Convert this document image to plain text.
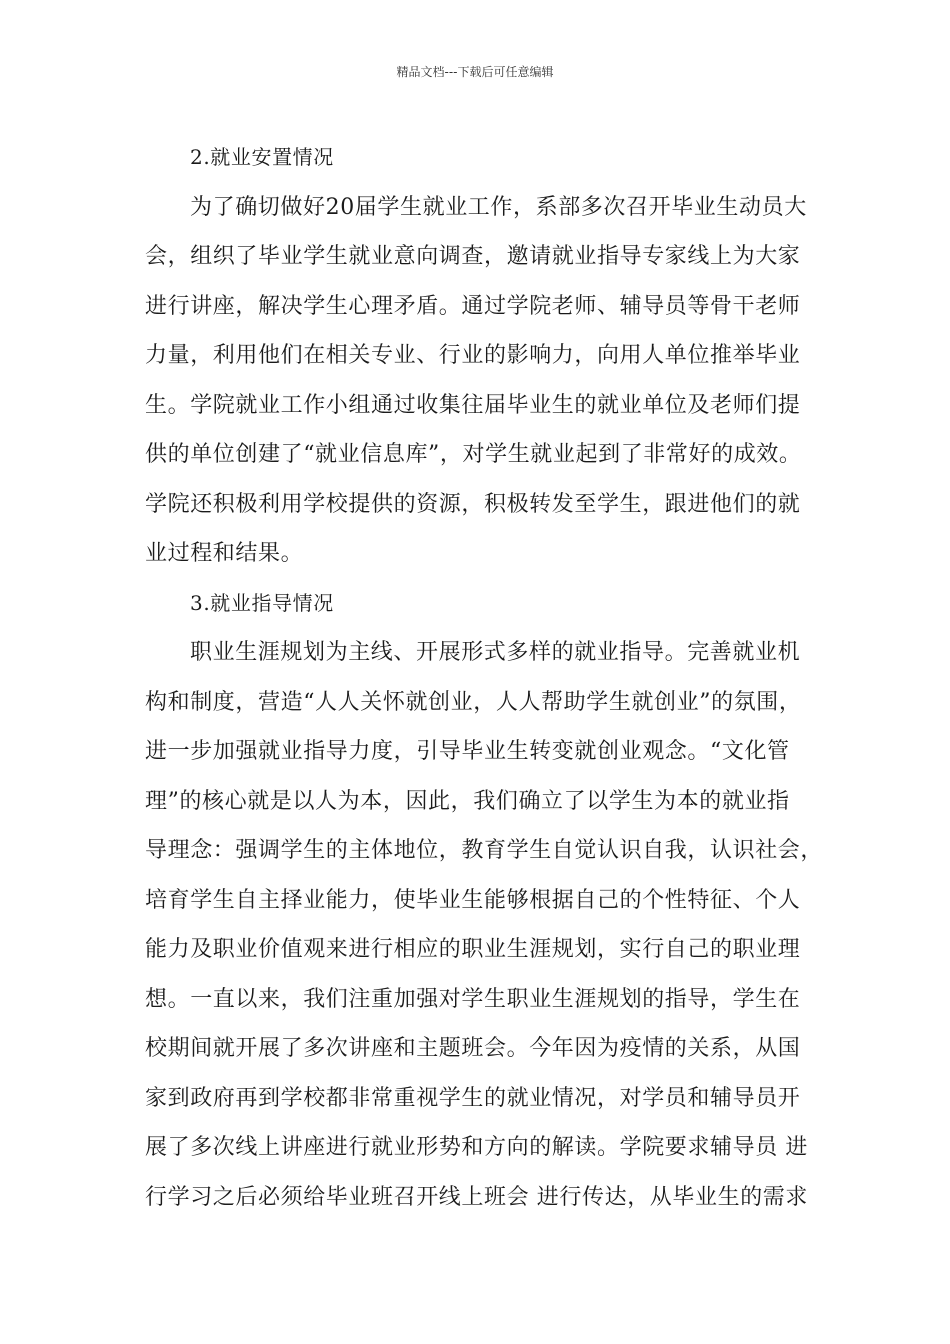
精品文档---下载后可任意编辑
2.就业安置情况
为了确切做好20届学生就业工作，系部多次召开毕业生动员大
会，组织了毕业学生就业意向调查，邀请就业指导专家线上为大家
进行讲座，解决学生心理矛盾。通过学院老师、辅导员等骨干老师
力量，利用他们在相关专业、行业的影响力，向用人单位推举毕业
生。学院就业工作小组通过收集往届毕业生的就业单位及老师们提
供的单位创建了“就业信息库”，对学生就业起到了非常好的成效。
学院还积极利用学校提供的资源，积极转发至学生，跟进他们的就
业过程和结果。
3.就业指导情况
职业生涯规划为主线、开展形式多样的就业指导。完善就业机
构和制度，营造“人人关怀就创业，人人帮助学生就创业”的氛围，
进一步加强就业指导力度，引导毕业生转变就创业观念。“文化管
理”的核心就是以人为本，因此，我们确立了以学生为本的就业指
导理念：强调学生的主体地位，教育学生自觉认识自我，认识社会，
培育学生自主择业能力，使毕业生能够根据自己的个性特征、个人
能力及职业价值观来进行相应的职业生涯规划，实行自己的职业理
想。一直以来，我们注重加强对学生职业生涯规划的指导，学生在
校期间就开展了多次讲座和主题班会。今年因为疫情的关系，从国
家到政府再到学校都非常重视学生的就业情况，对学员和辅导员开
展了多次线上讲座进行就业形势和方向的解读。学院要求辅导员 进
行学习之后必须给毕业班召开线上班会 进行传达，从毕业生的需求
